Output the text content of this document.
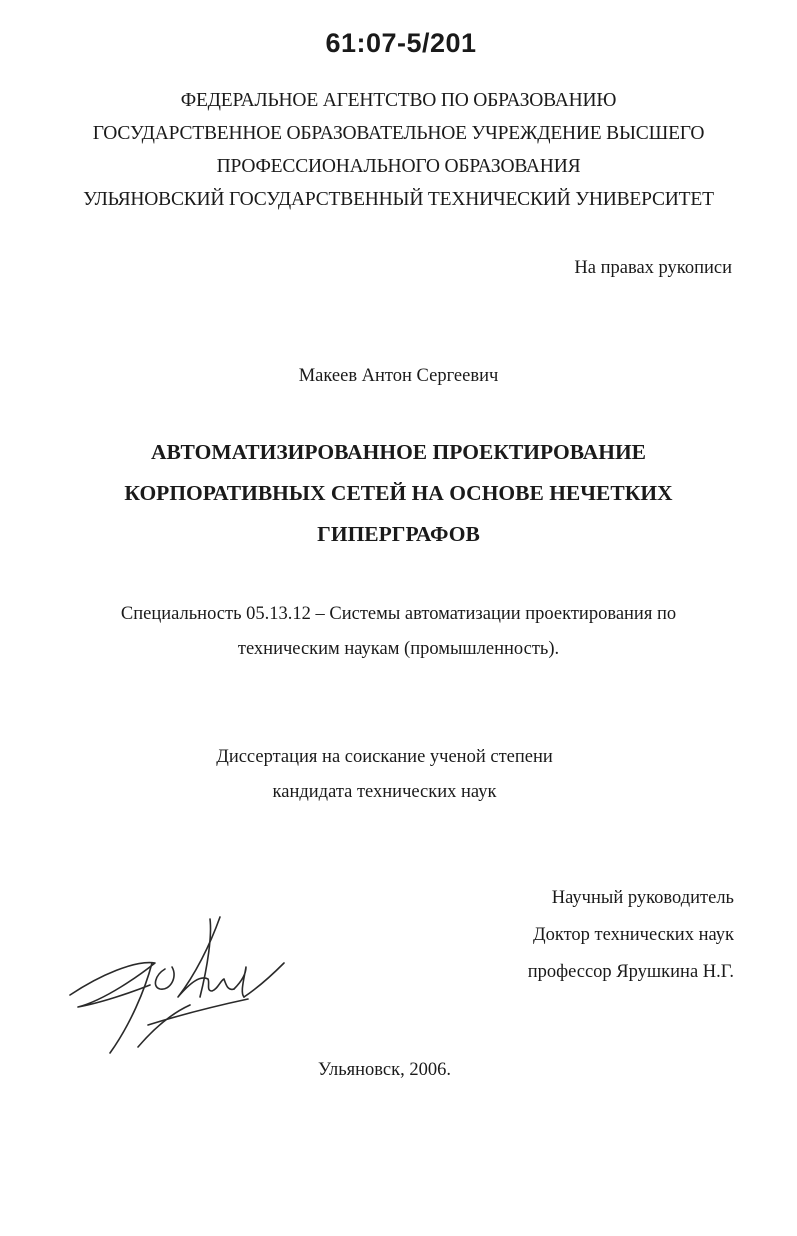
61:07-5/201
ФЕДЕРАЛЬНОЕ АГЕНТСТВО ПО ОБРАЗОВАНИЮ
ГОСУДАРСТВЕННОЕ ОБРАЗОВАТЕЛЬНОЕ УЧРЕЖДЕНИЕ ВЫСШЕГО
ПРОФЕССИОНАЛЬНОГО ОБРАЗОВАНИЯ
УЛЬЯНОВСКИЙ ГОСУДАРСТВЕННЫЙ ТЕХНИЧЕСКИЙ УНИВЕРСИТЕТ
На правах рукописи
Макеев Антон Сергеевич
АВТОМАТИЗИРОВАННОЕ ПРОЕКТИРОВАНИЕ
КОРПОРАТИВНЫХ СЕТЕЙ НА ОСНОВЕ НЕЧЕТКИХ
ГИПЕРГРАФОВ
Специальность 05.13.12 – Системы автоматизации проектирования по
техническим наукам (промышленность).
Диссертация на соискание ученой степени
кандидата технических наук
Научный руководитель
Доктор технических наук
профессор Ярушкина Н.Г.
Ульяновск, 2006.
